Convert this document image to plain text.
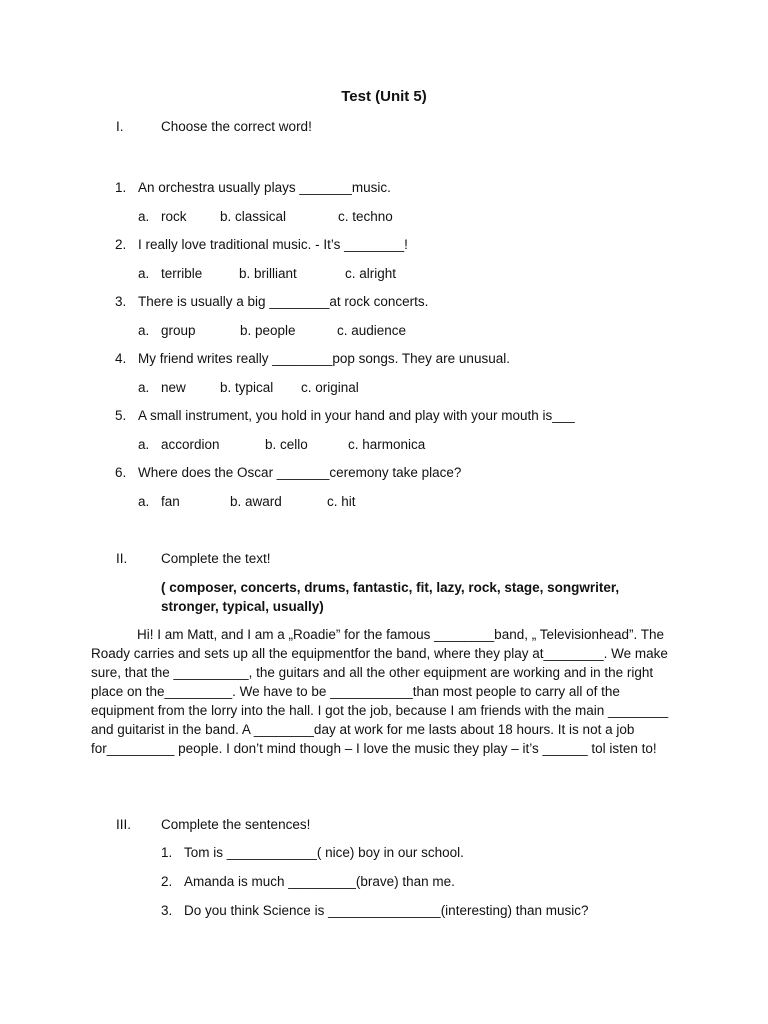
Test (Unit 5)
I.	Choose the correct word!
1. An orchestra usually plays _______music.
a. rock b. classical	c. techno
2. I really love traditional music. - It’s ________!
a. terrible	b. brilliant	c. alright
3. There is usually a big ________at rock concerts.
a. group	b. people	c. audience
4. My friend writes really ________pop songs. They are unusual.
a. new	b. typical c. original
5. A small instrument, you hold in your hand and play with your mouth is___
a. accordion	b. cello	c. harmonica
6. Where does the Oscar _______ceremony take place?
a. fan	b. award	c. hit
II. Complete the text!
( composer, concerts, drums, fantastic, fit, lazy, rock, stage, songwriter, stronger, typical, usually)
Hi! I am Matt, and I am a „Roadie” for the famous ________band, „ Televisionhead”. The Roady carries and sets up all the equipmentfor the band, where they play at________. We make sure, that the __________, the guitars and all the other equipment are working and in the right place on the_________. We have to be ___________than most people to carry all of the equipment from the lorry into the hall. I got the job, because I am friends with the main ________ and guitarist in the band. A ________day at work for me lasts about 18 hours. It is not a job for_________ people. I don’t mind though – I love the music they play – it’s ______ tol isten to!
III. Complete the sentences!
1. Tom is ____________( nice) boy in our school.
2. Amanda is much _________(brave) than me.
3. Do you think Science is _______________(interesting) than music?
